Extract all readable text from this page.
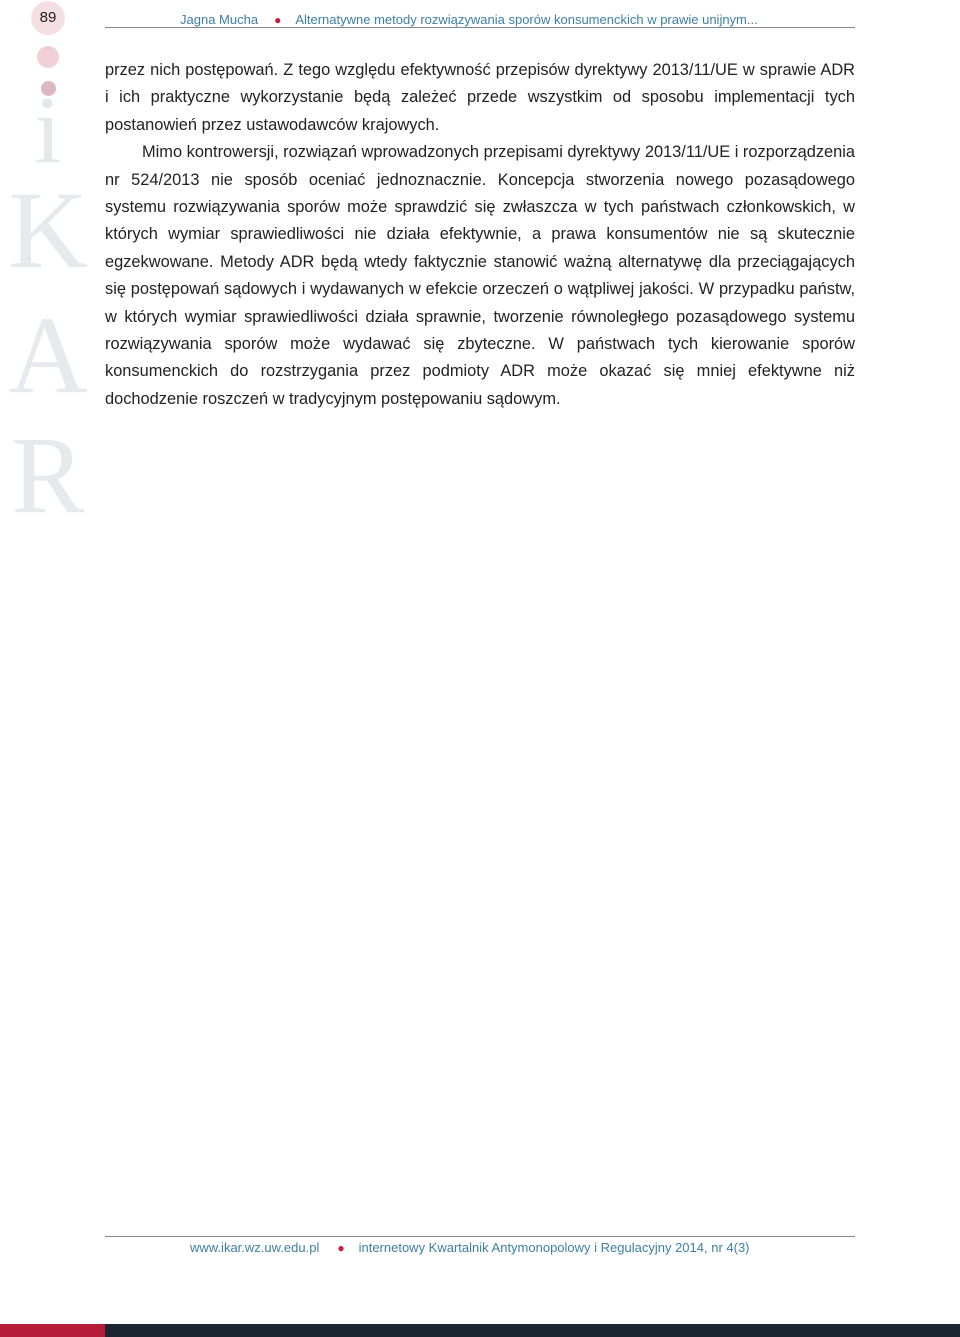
89
i
K
A
R
Jagna Mucha ● Alternatywne metody rozwiązywania sporów konsumenckich w prawie unijnym...

przez nich postępowań. Z tego względu efektywność przepisów dyrektywy 2013/11/UE w sprawie ADR i ich praktyczne wykorzystanie będą zależeć przede wszystkim od sposobu implementacji tych postanowień przez ustawodawców krajowych.

Mimo kontrowersji, rozwiązań wprowadzonych przepisami dyrektywy 2013/11/UE i rozporządzenia nr 524/2013 nie sposób oceniać jednoznacznie. Koncepcja stworzenia nowego pozasądowego systemu rozwiązywania sporów może sprawdzić się zwłaszcza w tych państwach członkowskich, w których wymiar sprawiedliwości nie działa efektywnie, a prawa konsumentów nie są skutecznie egzekwowane. Metody ADR będą wtedy faktycznie stanowić ważną alternatywę dla przeciągających się postępowań sądowych i wydawanych w efekcie orzeczeń o wątpliwej jakości. W przypadku państw, w których wymiar sprawiedliwości działa sprawnie, tworzenie równoległego pozasądowego systemu rozwiązywania sporów może wydawać się zbyteczne. W państwach tych kierowanie sporów konsumenckich do rozstrzygania przez podmioty ADR może okazać się mniej efektywne niż dochodzenie roszczeń w tradycyjnym postępowaniu sądowym.

www.ikar.wz.uw.edu.pl ● internetowy Kwartalnik Antymonopolowy i Regulacyjny 2014, nr 4(3)
